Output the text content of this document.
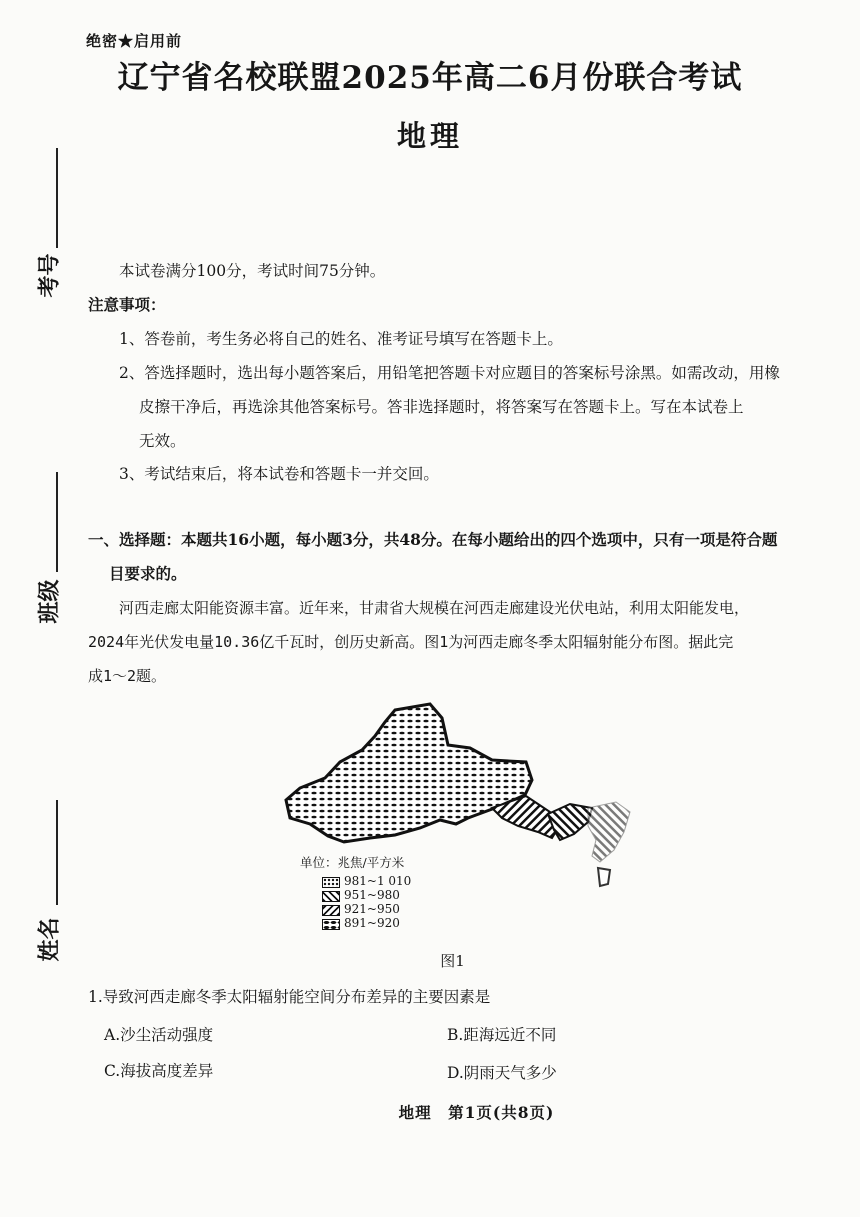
绝密★启用前
辽宁省名校联盟2025年高二6月份联合考试
地理
考号
班级
姓名
本试卷满分100分，考试时间75分钟。
注意事项：
1、答卷前，考生务必将自己的姓名、准考证号填写在答题卡上。
2、答选择题时，选出每小题答案后，用铅笔把答题卡对应题目的答案标号涂黑。如需改动，用橡
皮擦干净后，再选涂其他答案标号。答非选择题时，将答案写在答题卡上。写在本试卷上
无效。
3、考试结束后，将本试卷和答题卡一并交回。
一、选择题：本题共16小题，每小题3分，共48分。在每小题给出的四个选项中，只有一项是符合题
目要求的。
河西走廊太阳能资源丰富。近年来，甘肃省大规模在河西走廊建设光伏电站，利用太阳能发电，
2024年光伏发电量10.36亿千瓦时，创历史新高。图1为河西走廊冬季太阳辐射能分布图。据此完
成1～2题。
单位：兆焦/平方米
981~1 010
951~980
921~950
891~920
图1
1.导致河西走廊冬季太阳辐射能空间分布差异的主要因素是
A.沙尘活动强度	B.距海远近不同
C.海拔高度差异	D.阴雨天气多少
地理　第1页(共8页)
